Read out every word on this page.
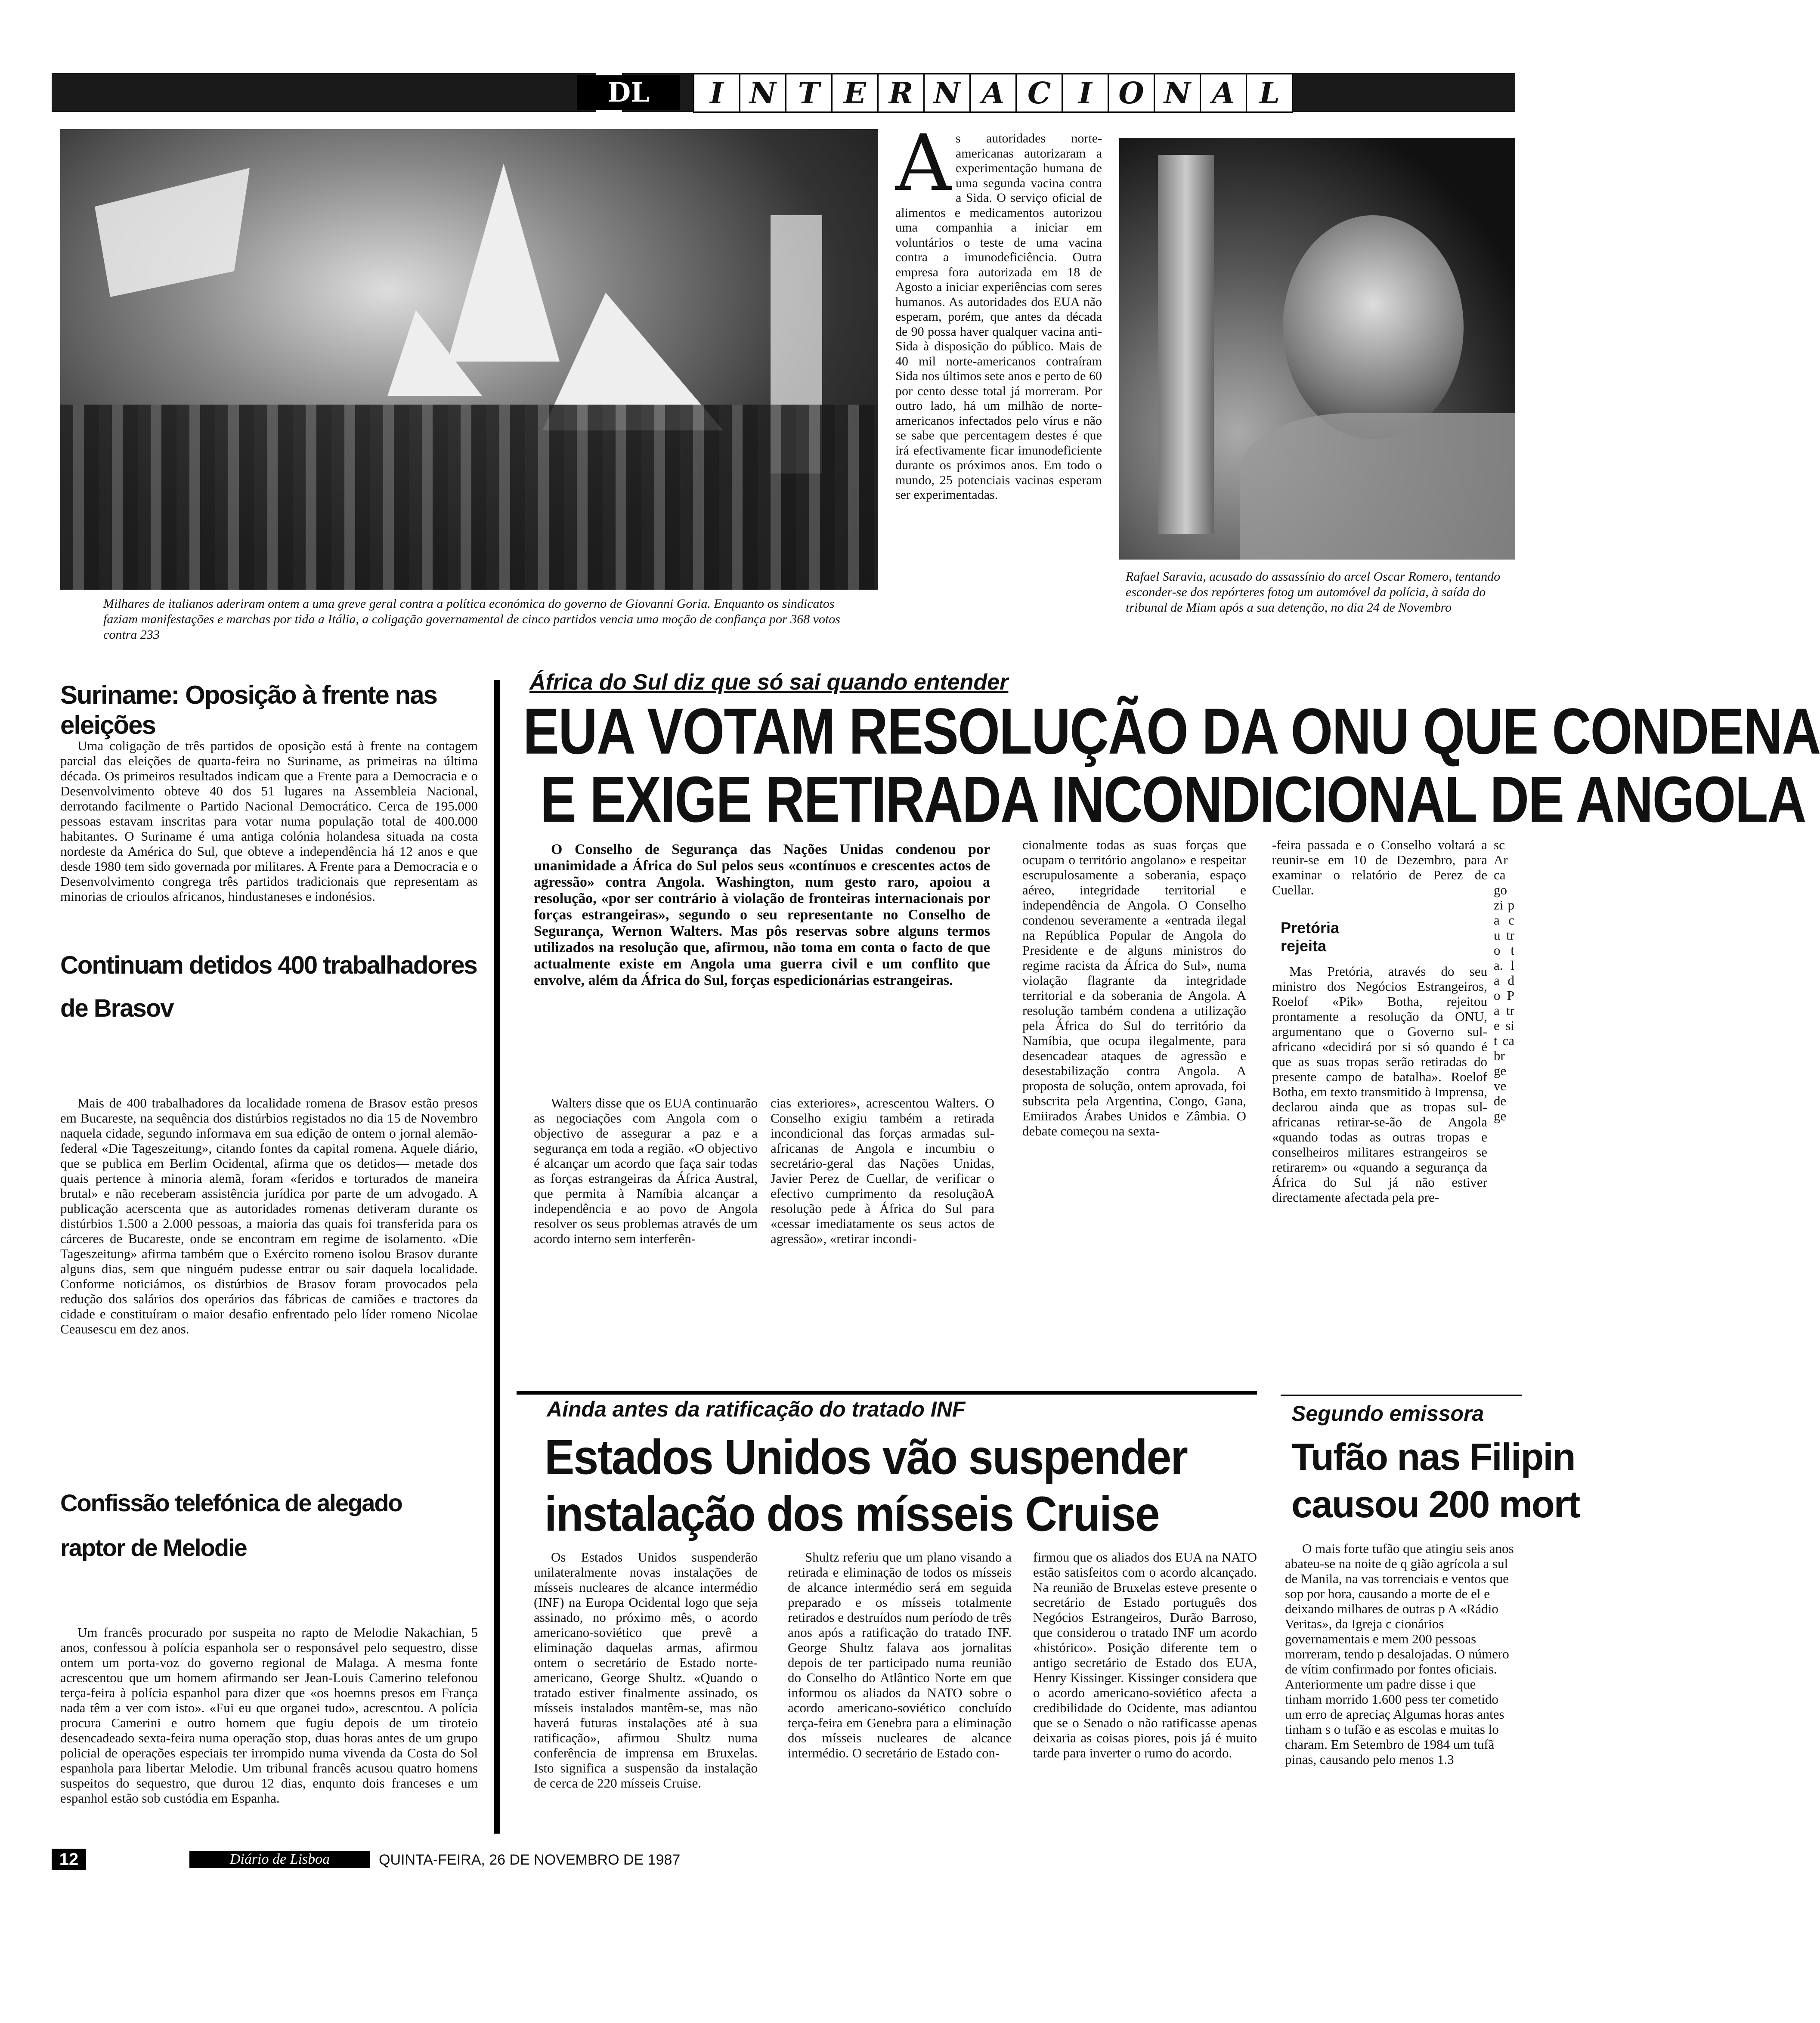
DL	I N T E R N A C I O N A L
Milhares de italianos aderiram ontem a uma greve geral contra a política económica do governo de Giovanni Goria. Enquanto os sindicatos faziam manifestações e marchas por tida a Itália, a coligação governamental de cinco partidos vencia uma moção de confiança por 368 votos contra 233
A s autoridades norte-americanas autorizaram a experimentação humana de uma segunda vacina contra a Sida. O serviço oficial de alimentos e medicamentos autorizou uma companhia a iniciar em voluntários o teste de uma vacina contra a imunodeficiência. Outra empresa fora autorizada em 18 de Agosto a iniciar experiências com seres humanos. As autoridades dos EUA não esperam, porém, que antes da década de 90 possa haver qualquer vacina anti-Sida à disposição do público. Mais de 40 mil norte-americanos contraíram Sida nos últimos sete anos e perto de 60 por cento desse total já morreram. Por outro lado, há um milhão de norte-americanos infectados pelo vírus e não se sabe que percentagem destes é que irá efectivamente ficar imunodeficiente durante os próximos anos. Em todo o mundo, 25 potenciais vacinas esperam ser experimentadas.
Rafael Saravia, acusado do assassínio do arcel Oscar Romero, tentando esconder-se dos repórteres fotog um automóvel da polícia, à saída do tribunal de Miam após a sua detenção, no dia 24 de Novembro
Suriname: Oposição à frente nas eleições

Uma coligação de três partidos de oposição está à frente na contagem parcial das eleições de quarta-feira no Suriname, as primeiras na última década. Os primeiros resultados indicam que a Frente para a Democracia e o Desenvolvimento obteve 40 dos 51 lugares na Assembleia Nacional, derrotando facilmente o Partido Nacional Democrático. Cerca de 195.000 pessoas estavam inscritas para votar numa população total de 400.000 habitantes. O Suriname é uma antiga colónia holandesa situada na costa nordeste da América do Sul, que obteve a independência há 12 anos e que desde 1980 tem sido governada por militares. A Frente para a Democracia e o Desenvolvimento congrega três partidos tradicionais que representam as minorias de crioulos africanos, hindustaneses e indonésios.

Continuam detidos 400 trabalhadores
de Brasov

Mais de 400 trabalhadores da localidade romena de Brasov estão presos em Bucareste, na sequência dos distúrbios registados no dia 15 de Novembro naquela cidade, segundo informava em sua edição de ontem o jornal alemão-federal «Die Tageszeitung», citando fontes da capital romena. Aquele diário, que se publica em Berlim Ocidental, afirma que os detidos— metade dos quais pertence à minoria alemã, foram «feridos e torturados de maneira brutal» e não receberam assistência jurídica por parte de um advogado. A publicação acerscenta que as autoridades romenas detiveram durante os distúrbios 1.500 a 2.000 pessoas, a maioria das quais foi transferida para os cárceres de Bucareste, onde se encontram em regime de isolamento. «Die Tageszeitung» afirma também que o Exército romeno isolou Brasov durante alguns dias, sem que ninguém pudesse entrar ou sair daquela localidade. Conforme noticiámos, os distúrbios de Brasov foram provocados pela redução dos salários dos operários das fábricas de camiões e tractores da cidade e constituíram o maior desafio enfrentado pelo líder romeno Nicolae Ceausescu em dez anos.

Confissão telefónica de alegado
raptor de Melodie

Um francês procurado por suspeita no rapto de Melodie Nakachian, 5 anos, confessou à polícia espanhola ser o responsável pelo sequestro, disse ontem um porta-voz do governo regional de Malaga. A mesma fonte acrescentou que um homem afirmando ser Jean-Louis Camerino telefonou terça-feira à polícia espanhol para dizer que «os hoemns presos em França nada têm a ver com isto». «Fui eu que organei tudo», acrescntou. A polícia procura Camerini e outro homem que fugiu depois de um tiroteio desencadeado sexta-feira numa operação stop, duas horas antes de um grupo policial de operações especiais ter irrompido numa vivenda da Costa do Sol espanhola para libertar Melodie. Um tribunal francês acusou quatro homens suspeitos do sequestro, que durou 12 dias, enqunto dois franceses e um espanhol estão sob custódia em Espanha.

África do Sul diz que só sai quando entender
EUA VOTAM RESOLUÇÃO DA ONU QUE CONDENA
E EXIGE RETIRADA INCONDICIONAL DE ANGOLA

O Conselho de Segurança das Nações Unidas condenou por unanimidade a África do Sul pelos seus «contínuos e crescentes actos de agressão» contra Angola. Washington, num gesto raro, apoiou a resolução, «por ser contrário à violação de fronteiras internacionais por forças estrangeiras», segundo o seu representante no Conselho de Segurança, Wernon Walters. Mas pôs reservas sobre alguns termos utilizados na resolução que, afirmou, não toma em conta o facto de que actualmente existe em Angola uma guerra civil e um conflito que envolve, além da África do Sul, forças espedicionárias estrangeiras.

Walters disse que os EUA continuarão as negociações com Angola com o objectivo de assegurar a paz e a segurança em toda a região. «O objectivo é alcançar um acordo que faça sair todas as forças estrangeiras da África Austral, que permita à Namíbia alcançar a independência e ao povo de Angola resolver os seus problemas através de um acordo interno sem interferên-

cias exteriores», acrescentou Walters. O Conselho exigiu também a retirada incondicional das forças armadas sul-africanas de Angola e incumbiu o secretário-geral das Nações Unidas, Javier Perez de Cuellar, de verificar o efectivo cumprimento da resoluçãoA resolução pede à África do Sul para «cessar imediatamente os seus actos de agressão», «retirar incondi-

cionalmente todas as suas forças que ocupam o território angolano» e respeitar escrupulosamente a soberania, espaço aéreo, integridade territorial e independência de Angola. O Conselho condenou severamente a «entrada ilegal na República Popular de Angola do Presidente e de alguns ministros do regime racista da África do Sul», numa violação flagrante da integridade territorial e da soberania de Angola. A resolução também condena a utilização pela África do Sul do território da Namíbia, que ocupa ilegalmente, para desencadear ataques de agressão e desestabilização contra Angola. A proposta de solução, ontem aprovada, foi subscrita pela Argentina, Congo, Gana, Emiirados Árabes Unidos e Zâmbia. O debate começou na sexta-

-feira passada e o Conselho voltará a reunir-se em 10 de Dezembro, para examinar o relatório de Perez de Cuellar.

Pretória rejeita

Mas Pretória, através do seu ministro dos Negócios Estrangeiros, Roelof «Pik» Botha, rejeitou prontamente a resolução da ONU, argumentano que o Governo sul-africano «decidirá por si só quando é que as suas tropas serão retiradas do presente campo de batalha». Roelof Botha, em texto transmitido à Imprensa, declarou ainda que as tropas sul-africanas retirar-se-ão de Angola «quando todas as outras tropas e conselheiros militares estrangeiros se retirarem» ou «quando a segurança da África do Sul já não estiver directamente afectada pela pre-

sc Ar ca go zi pa cu tro ta. la do Pa tre sit ca br ge ve de ge
Ainda antes da ratificação do tratado INF
Estados Unidos vão suspender
instalação dos mísseis Cruise

Os Estados Unidos suspenderão unilateralmente novas instalações de mísseis nucleares de alcance intermédio (INF) na Europa Ocidental logo que seja assinado, no próximo mês, o acordo americano-soviético que prevê a eliminação daquelas armas, afirmou ontem o secretário de Estado norte-americano, George Shultz. «Quando o tratado estiver finalmente assinado, os mísseis instalados mantêm-se, mas não haverá futuras instalações até à sua ratificação», afirmou Shultz numa conferência de imprensa em Bruxelas. Isto significa a suspensão da instalação de cerca de 220 mísseis Cruise.

Shultz referiu que um plano visando a retirada e eliminação de todos os mísseis de alcance intermédio será em seguida preparado e os mísseis totalmente retirados e destruídos num período de três anos após a ratificação do tratado INF. George Shultz falava aos jornalitas depois de ter participado numa reunião do Conselho do Atlântico Norte em que informou os aliados da NATO sobre o acordo americano-soviético concluído terça-feira em Genebra para a eliminação dos mísseis nucleares de alcance intermédio. O secretário de Estado con-

firmou que os aliados dos EUA na NATO estão satisfeitos com o acordo alcançado. Na reunião de Bruxelas esteve presente o secretário de Estado português dos Negócios Estrangeiros, Durão Barroso, que considerou o tratado INF um acordo «histórico». Posição diferente tem o antigo secretário de Estado dos EUA, Henry Kissinger. Kissinger considera que o acordo americano-soviético afecta a credibilidade do Ocidente, mas adiantou que se o Senado o não ratificasse apenas deixaria as coisas piores, pois já é muito tarde para inverter o rumo do acordo.

Segundo emissora
Tufão nas Filipin
causou 200 mort

O mais forte tufão que atingiu seis anos abateu-se na noite de q gião agrícola a sul de Manila, na vas torrenciais e ventos que sop por hora, causando a morte de el e deixando milhares de outras p A «Rádio Veritas», da Igreja c cionários governamentais e mem 200 pessoas morreram, tendo p desalojadas. O número de vítim confirmado por fontes oficiais. Anteriormente um padre disse i que tinham morrido 1.600 pess ter cometido um erro de apreciaç Algumas horas antes tinham s o tufão e as escolas e muitas lo charam. Em Setembro de 1984 um tufã pinas, causando pelo menos 1.3

12	Diário de Lisboa	QUINTA-FEIRA, 26 DE NOVEMBRO DE 1987
